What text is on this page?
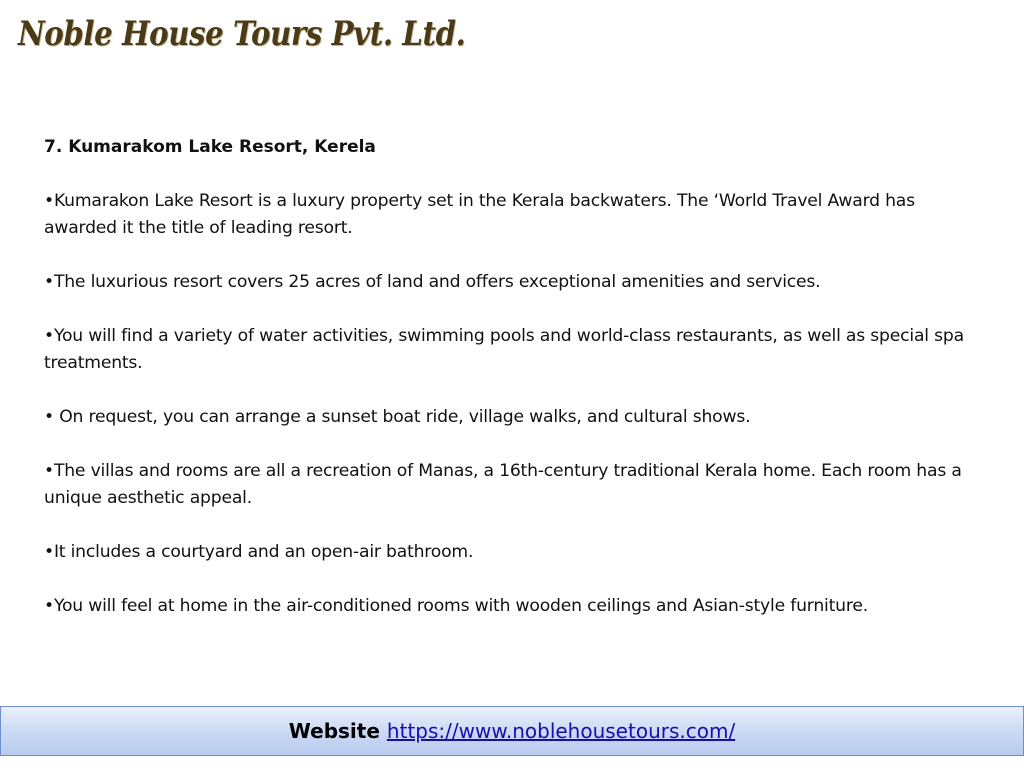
Noble House Tours Pvt. Ltd.
7. Kumarakom Lake Resort, Kerela
•Kumarakon Lake Resort is a luxury property set in the Kerala backwaters. The ‘World Travel Award has awarded it the title of leading resort.
•The luxurious resort covers 25 acres of land and offers exceptional amenities and services.
•You will find a variety of water activities, swimming pools and world-class restaurants, as well as special spa treatments.
• On request, you can arrange a sunset boat ride, village walks, and cultural shows.
•The villas and rooms are all a recreation of Manas, a 16th-century traditional Kerala home. Each room has a unique aesthetic appeal.
•It includes a courtyard and an open-air bathroom.
•You will feel at home in the air-conditioned rooms with wooden ceilings and Asian-style furniture.
Website https://www.noblehousetours.com/
